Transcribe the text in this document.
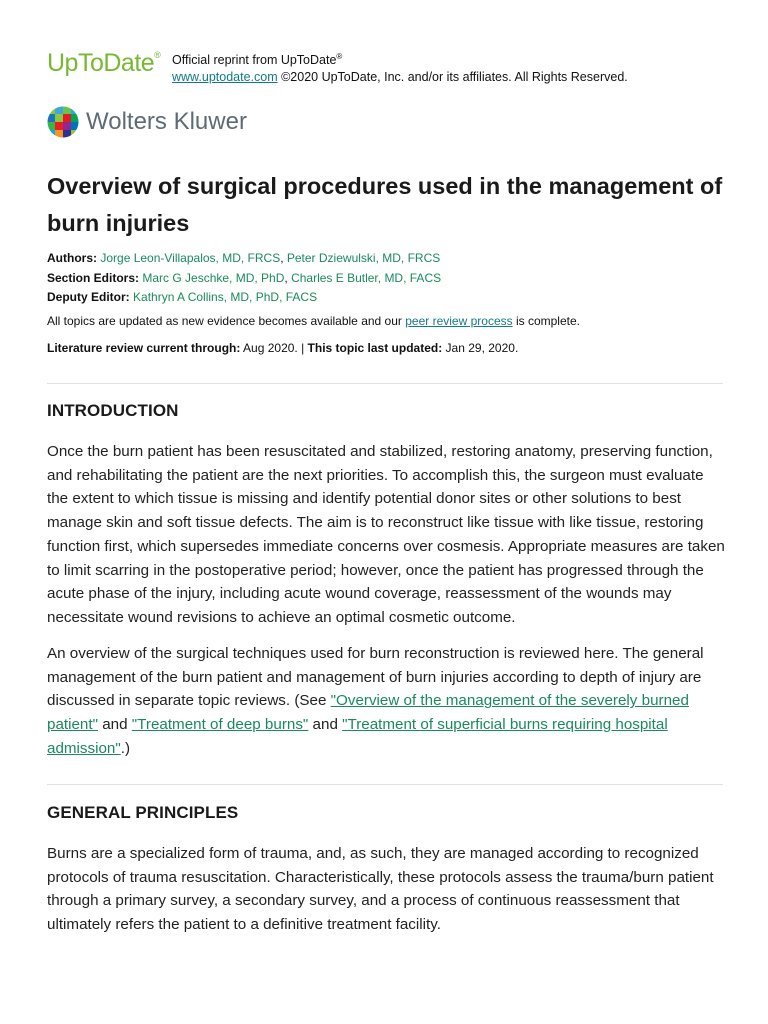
UpToDate® Official reprint from UpToDate®
www.uptodate.com ©2020 UpToDate, Inc. and/or its affiliates. All Rights Reserved.
Wolters Kluwer
Overview of surgical procedures used in the management of burn injuries
Authors: Jorge Leon-Villapalos, MD, FRCS, Peter Dziewulski, MD, FRCS
Section Editors: Marc G Jeschke, MD, PhD, Charles E Butler, MD, FACS
Deputy Editor: Kathryn A Collins, MD, PhD, FACS
All topics are updated as new evidence becomes available and our peer review process is complete.
Literature review current through: Aug 2020. | This topic last updated: Jan 29, 2020.
INTRODUCTION

Once the burn patient has been resuscitated and stabilized, restoring anatomy, preserving function, and rehabilitating the patient are the next priorities. To accomplish this, the surgeon must evaluate the extent to which tissue is missing and identify potential donor sites or other solutions to best manage skin and soft tissue defects. The aim is to reconstruct like tissue with like tissue, restoring function first, which supersedes immediate concerns over cosmesis. Appropriate measures are taken to limit scarring in the postoperative period; however, once the patient has progressed through the acute phase of the injury, including acute wound coverage, reassessment of the wounds may necessitate wound revisions to achieve an optimal cosmetic outcome.

An overview of the surgical techniques used for burn reconstruction is reviewed here. The general management of the burn patient and management of burn injuries according to depth of injury are discussed in separate topic reviews. (See "Overview of the management of the severely burned patient" and "Treatment of deep burns" and "Treatment of superficial burns requiring hospital admission".)

GENERAL PRINCIPLES

Burns are a specialized form of trauma, and, as such, they are managed according to recognized protocols of trauma resuscitation. Characteristically, these protocols assess the trauma/burn patient through a primary survey, a secondary survey, and a process of continuous reassessment that ultimately refers the patient to a definitive treatment facility.
